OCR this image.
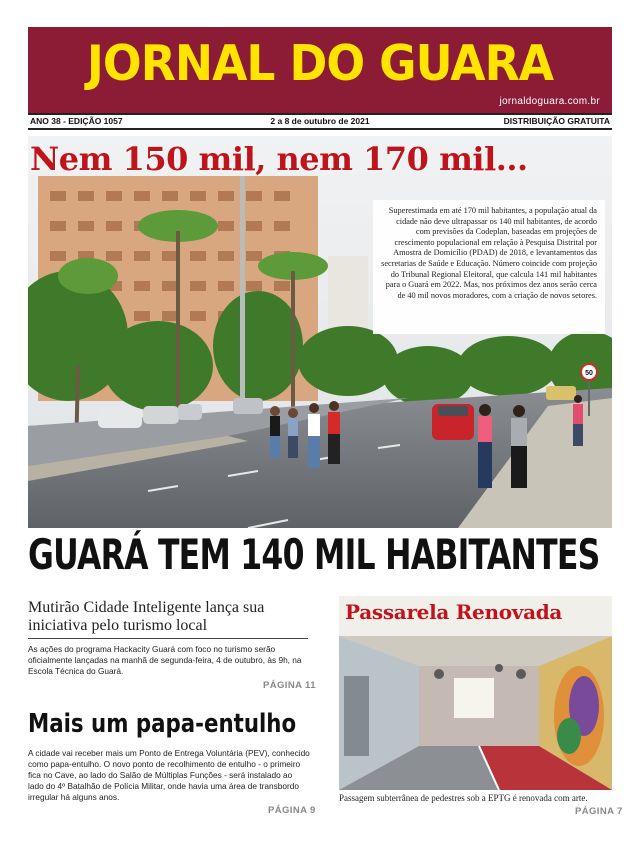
JORNAL DO GUARA
jornaldoguara.com.br
ANO 38 - EDIÇÃO 1057	2 a 8 de outubro de 2021	DISTRIBUIÇÃO GRATUITA
50
Nem 150 mil, nem 170 mil...
Superestimada em até 170 mil habitantes, a população atual da cidade não deve ultrapassar os 140 mil habitantes, de acordo com previsões da Codeplan, baseadas em projeções de crescimento populacional em relação à Pesquisa Distrital por Amostra de Domicílio (PDAD) de 2018, e levantamentos das secretarias de Saúde e Educação. Número coincide com projeção do Tribunal Regional Eleitoral, que calcula 141 mil habitantes para o Guará em 2022. Mas, nos próximos dez anos serão cerca de 40 mil novos moradores, com a criação de novos setores.
GUARÁ TEM 140 MIL HABITANTES
Mutirão Cidade Inteligente lança sua iniciativa pelo turismo local
As ações do programa Hackacity Guará com foco no turismo serão oficialmente lançadas na manhã de segunda-feira, 4 de outubro, às 9h, na Escola Técnica do Guará.
PÁGINA 11
Mais um papa-entulho
A cidade vai receber mais um Ponto de Entrega Voluntária (PEV), conhecido como papa-entulho. O novo ponto de recolhimento de entulho - o primeiro fica no Cave, ao lado do Salão de Múltiplas Funções - será instalado ao lado do 4º Batalhão de Polícia Militar, onde havia uma área de transbordo irregular há alguns anos.
PÁGINA 9
Passarela Renovada
Passagem subterrânea de pedestres sob a EPTG é renovada com arte.
PÁGINA 7
